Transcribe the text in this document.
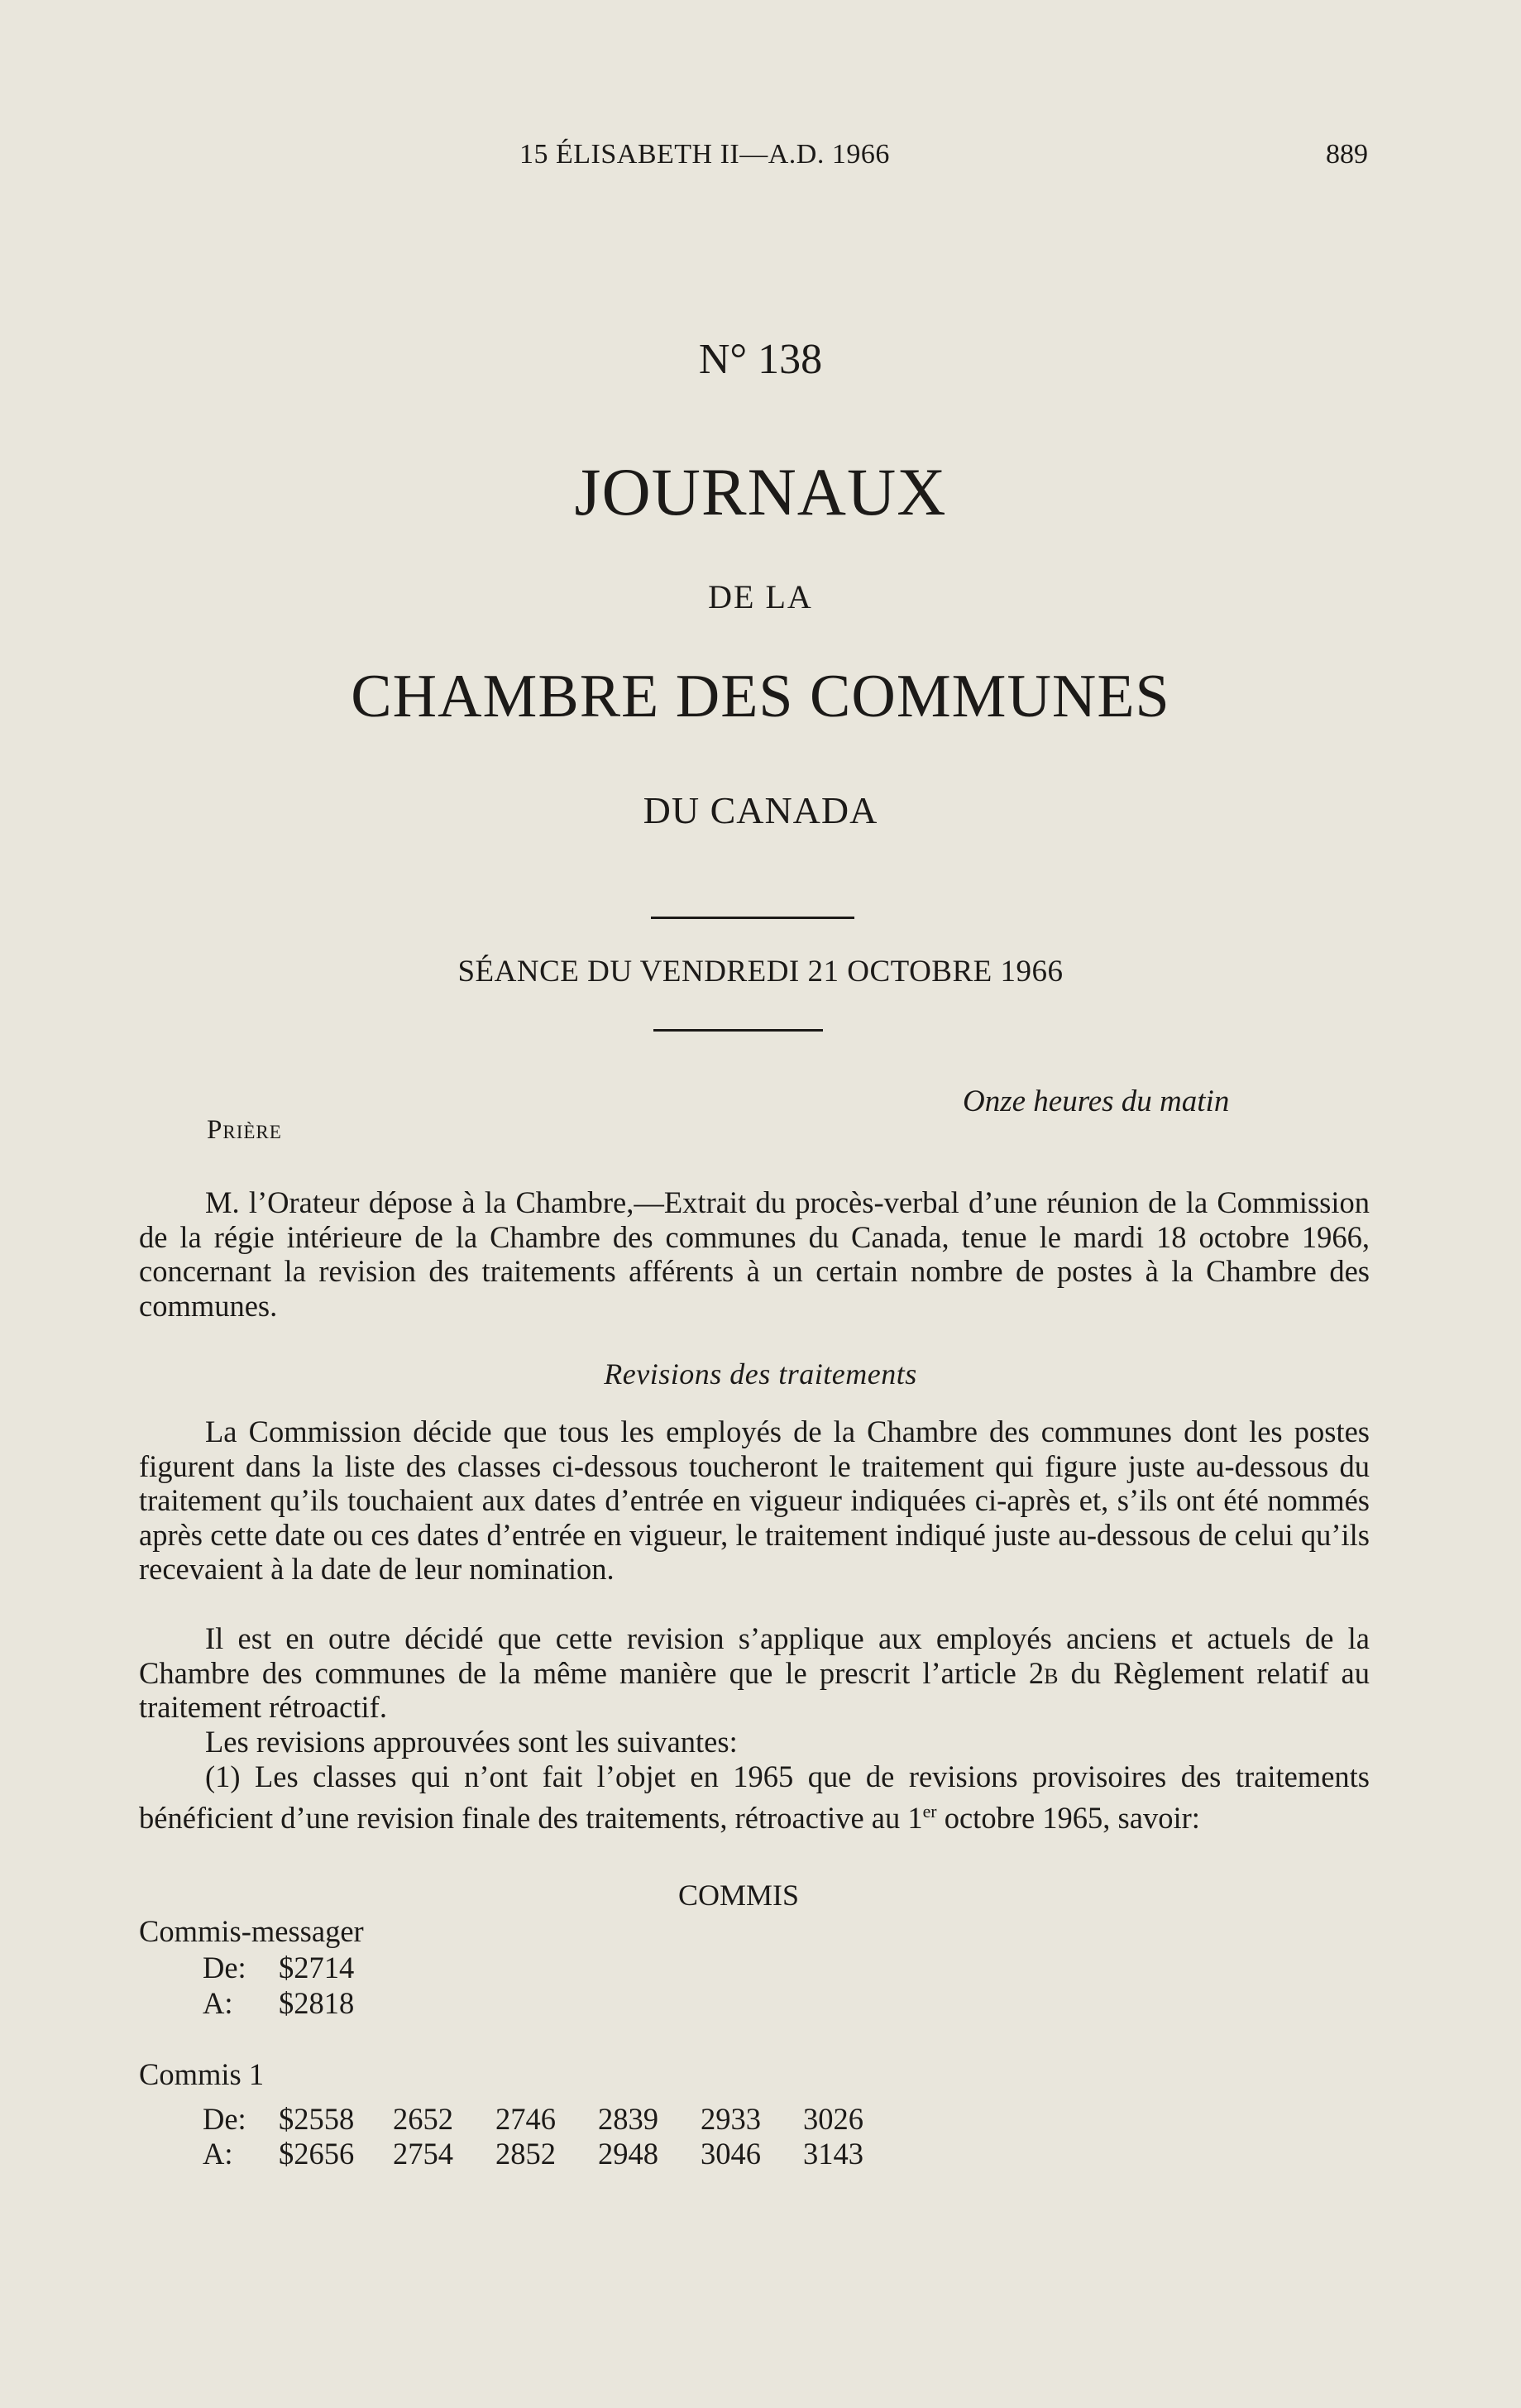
15 ÉLISABETH II—A.D. 1966	889
N° 138
JOURNAUX
DE LA
CHAMBRE DES COMMUNES
DU CANADA
SÉANCE DU VENDREDI 21 OCTOBRE 1966
Onze heures du matin
Prière
M. l’Orateur dépose à la Chambre,—Extrait du procès-verbal d’une réunion de la Commission de la régie intérieure de la Chambre des communes du Canada, tenue le mardi 18 octobre 1966, concernant la revision des traitements afférents à un certain nombre de postes à la Chambre des communes.
Revisions des traitements
La Commission décide que tous les employés de la Chambre des communes dont les postes figurent dans la liste des classes ci-dessous toucheront le traitement qui figure juste au-dessous du traitement qu’ils touchaient aux dates d’entrée en vigueur indiquées ci-après et, s’ils ont été nommés après cette date ou ces dates d’entrée en vigueur, le traitement indiqué juste au-dessous de celui qu’ils recevaient à la date de leur nomination.
Il est en outre décidé que cette revision s’applique aux employés anciens et actuels de la Chambre des communes de la même manière que le prescrit l’article 2b du Règlement relatif au traitement rétroactif.
Les revisions approuvées sont les suivantes:
(1) Les classes qui n’ont fait l’objet en 1965 que de revisions provisoires des traitements bénéficient d’une revision finale des traitements, rétroactive au 1er octobre 1965, savoir:
COMMIS
Commis-messager
De: $2714
A: $2818
Commis 1
De: $2558 2652 2746 2839 2933 3026
A: $2656 2754 2852 2948 3046 3143
